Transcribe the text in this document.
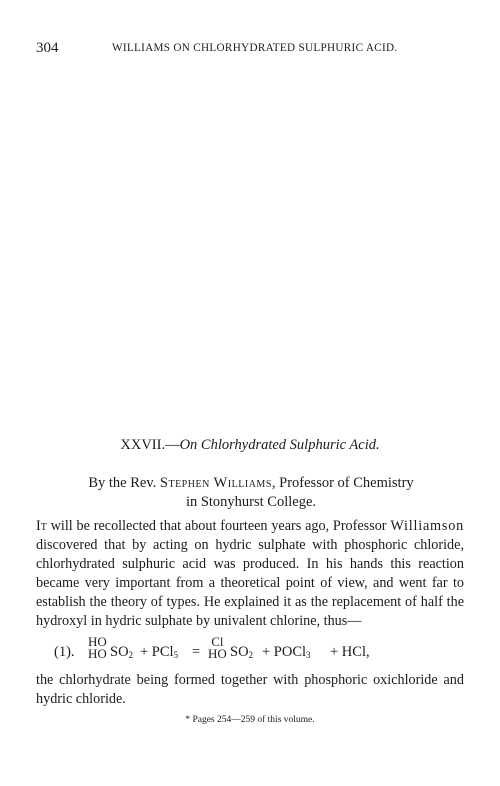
304	WILLIAMS ON CHLORHYDRATED SULPHURIC ACID.
XXVII.—On Chlorhydrated Sulphuric Acid.
By the Rev. Stephen Williams, Professor of Chemistry
in Stonyhurst College.

It will be recollected that about fourteen years ago, Professor Williamson discovered that by acting on hydric sulphate with phosphoric chloride, chlorhydrated sulphuric acid was produced. In his hands this reaction became very important from a theoretical point of view, and went far to establish the theory of types. He explained it as the replacement of half the hydroxyl in hydric sulphate by univalent chlorine, thus—

(1).
HO
HO $SO_2 + PCl_5$ =
Cl
HO $SO_2$ + POCl$_3$ + HCl,
the chlorhydrate being formed together with phosphoric oxichloride and hydric chloride.
* Pages 254—259 of this volume.
